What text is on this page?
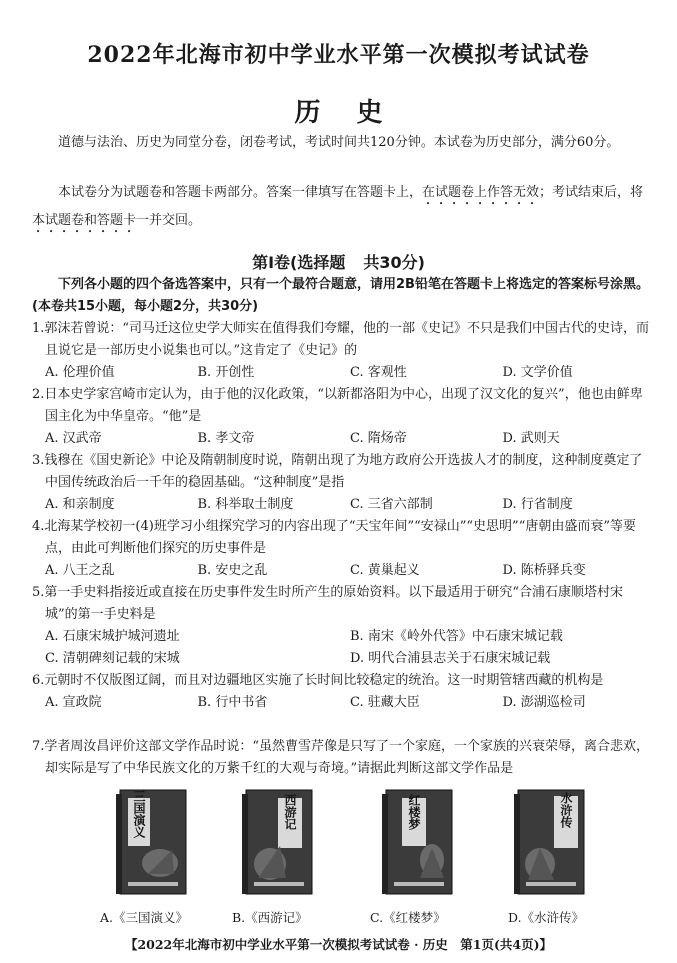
2022年北海市初中学业水平第一次模拟考试试卷
历史
道德与法治、历史为同堂分卷，闭卷考试，考试时间共120分钟。本试卷为历史部分，满分60分。
本试卷分为试题卷和答题卡两部分。答案一律填写在答题卡上，在试题卷上作答无效；考试结束后，将本试题卷和答题卡一并交回。
第Ⅰ卷(选择题 共30分)
下列各小题的四个备选答案中，只有一个最符合题意，请用2B铅笔在答题卡上将选定的答案标号涂黑。(本卷共15小题，每小题2分，共30分)
1.郭沫若曾说：“司马迁这位史学大师实在值得我们夸耀，他的一部《史记》不只是我们中国古代的史诗，而且说它是一部历史小说集也可以。”这肯定了《史记》的
A. 伦理价值	B. 开创性	C. 客观性	D. 文学价值
2.日本史学家宫崎市定认为，由于他的汉化政策，“以新都洛阳为中心，出现了汉文化的复兴”，他也由鲜卑国主化为中华皇帝。“他”是
A. 汉武帝	B. 孝文帝	C. 隋炀帝	D. 武则天
3.钱穆在《国史新论》中论及隋朝制度时说，隋朝出现了为地方政府公开选拔人才的制度，这种制度奠定了中国传统政治后一千年的稳固基础。“这种制度”是指
A. 和亲制度	B. 科举取士制度	C. 三省六部制	D. 行省制度
4.北海某学校初一(4)班学习小组探究学习的内容出现了“天宝年间”“安禄山”“史思明”“唐朝由盛而衰”等要点，由此可判断他们探究的历史事件是
A. 八王之乱	B. 安史之乱	C. 黄巢起义	D. 陈桥驿兵变
5.第一手史料指接近或直接在历史事件发生时所产生的原始资料。以下最适用于研究“合浦石康顺塔村宋城”的第一手史料是
A. 石康宋城护城河遗址	B. 南宋《岭外代答》中石康宋城记载
C. 清朝碑刻记载的宋城	D. 明代合浦县志关于石康宋城记载
6.元朝时不仅版图辽阔，而且对边疆地区实施了长时间比较稳定的统治。这一时期管辖西藏的机构是
A. 宣政院	B. 行中书省	C. 驻藏大臣	D. 澎湖巡检司
7.学者周汝昌评价这部文学作品时说：“虽然曹雪芹像是只写了一个家庭，一个家族的兴衰荣辱，离合悲欢，却实际是写了中华民族文化的万紫千红的大观与奇境。”请据此判断这部文学作品是
三国演义	西游记	红楼梦	水浒传
A.《三国演义》	B.《西游记》	C.《红楼梦》	D.《水浒传》
【2022年北海市初中学业水平第一次模拟考试试卷 · 历史　第1页(共4页)】
